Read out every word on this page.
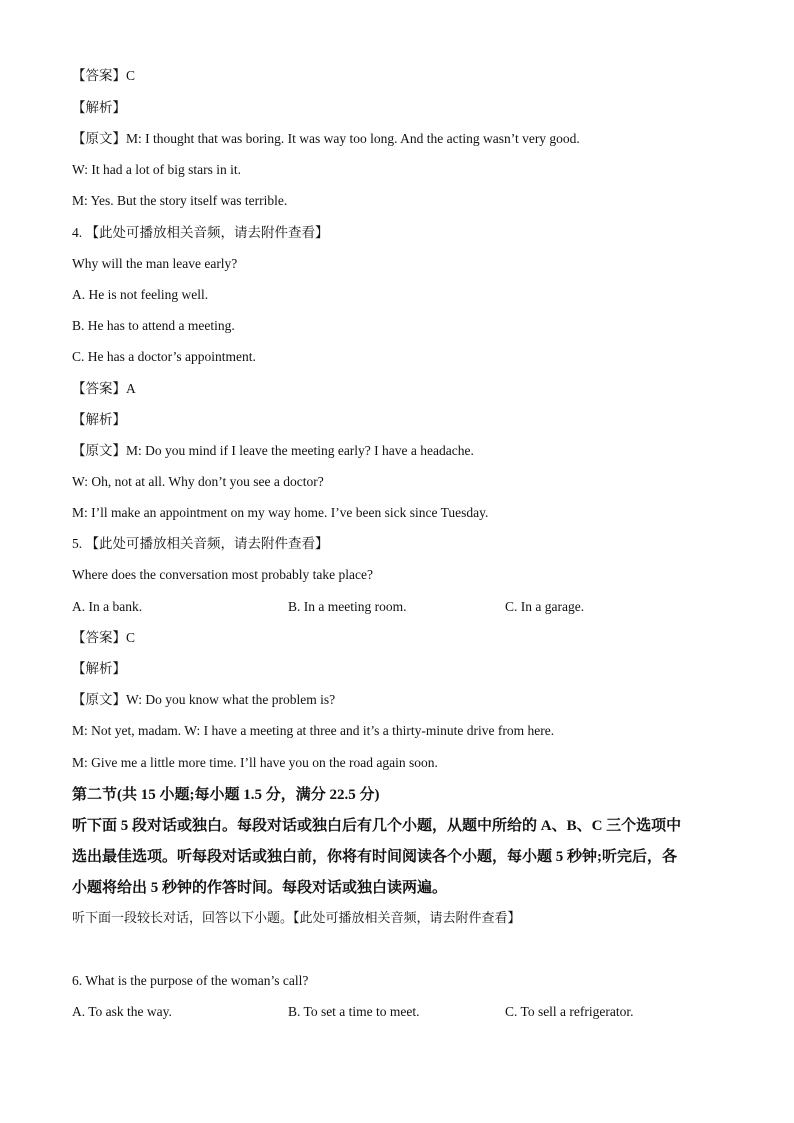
【答案】C
【解析】
【原文】M: I thought that was boring. It was way too long. And the acting wasn’t very good.
W: It had a lot of big stars in it.
M: Yes. But the story itself was terrible.
4. 【此处可播放相关音频，请去附件查看】
Why will the man leave early?
A. He is not feeling well.
B. He has to attend a meeting.
C. He has a doctor’s appointment.
【答案】A
【解析】
【原文】M: Do you mind if I leave the meeting early? I have a headache.
W: Oh, not at all. Why don’t you see a doctor?
M: I’ll make an appointment on my way home. I’ve been sick since Tuesday.
5. 【此处可播放相关音频，请去附件查看】
Where does the conversation most probably take place?
A. In a bank.	B. In a meeting room.	C. In a garage.
【答案】C
【解析】
【原文】W: Do you know what the problem is?
M: Not yet, madam. W: I have a meeting at three and it’s a thirty-minute drive from here.
M: Give me a little more time. I’ll have you on the road again soon.
第二节(共 15 小题;每小题 1.5 分，满分 22.5 分)
听下面 5 段对话或独白。每段对话或独白后有几个小题，从题中所给的 A、B、C 三个选项中
选出最佳选项。听每段对话或独白前，你将有时间阅读各个小题，每小题 5 秒钟;听完后，各
小题将给出 5 秒钟的作答时间。每段对话或独白读两遍。
听下面一段较长对话，回答以下小题。【此处可播放相关音频，请去附件查看】
6. What is the purpose of the woman’s call?
A. To ask the way.	B. To set a time to meet.	C. To sell a refrigerator.
